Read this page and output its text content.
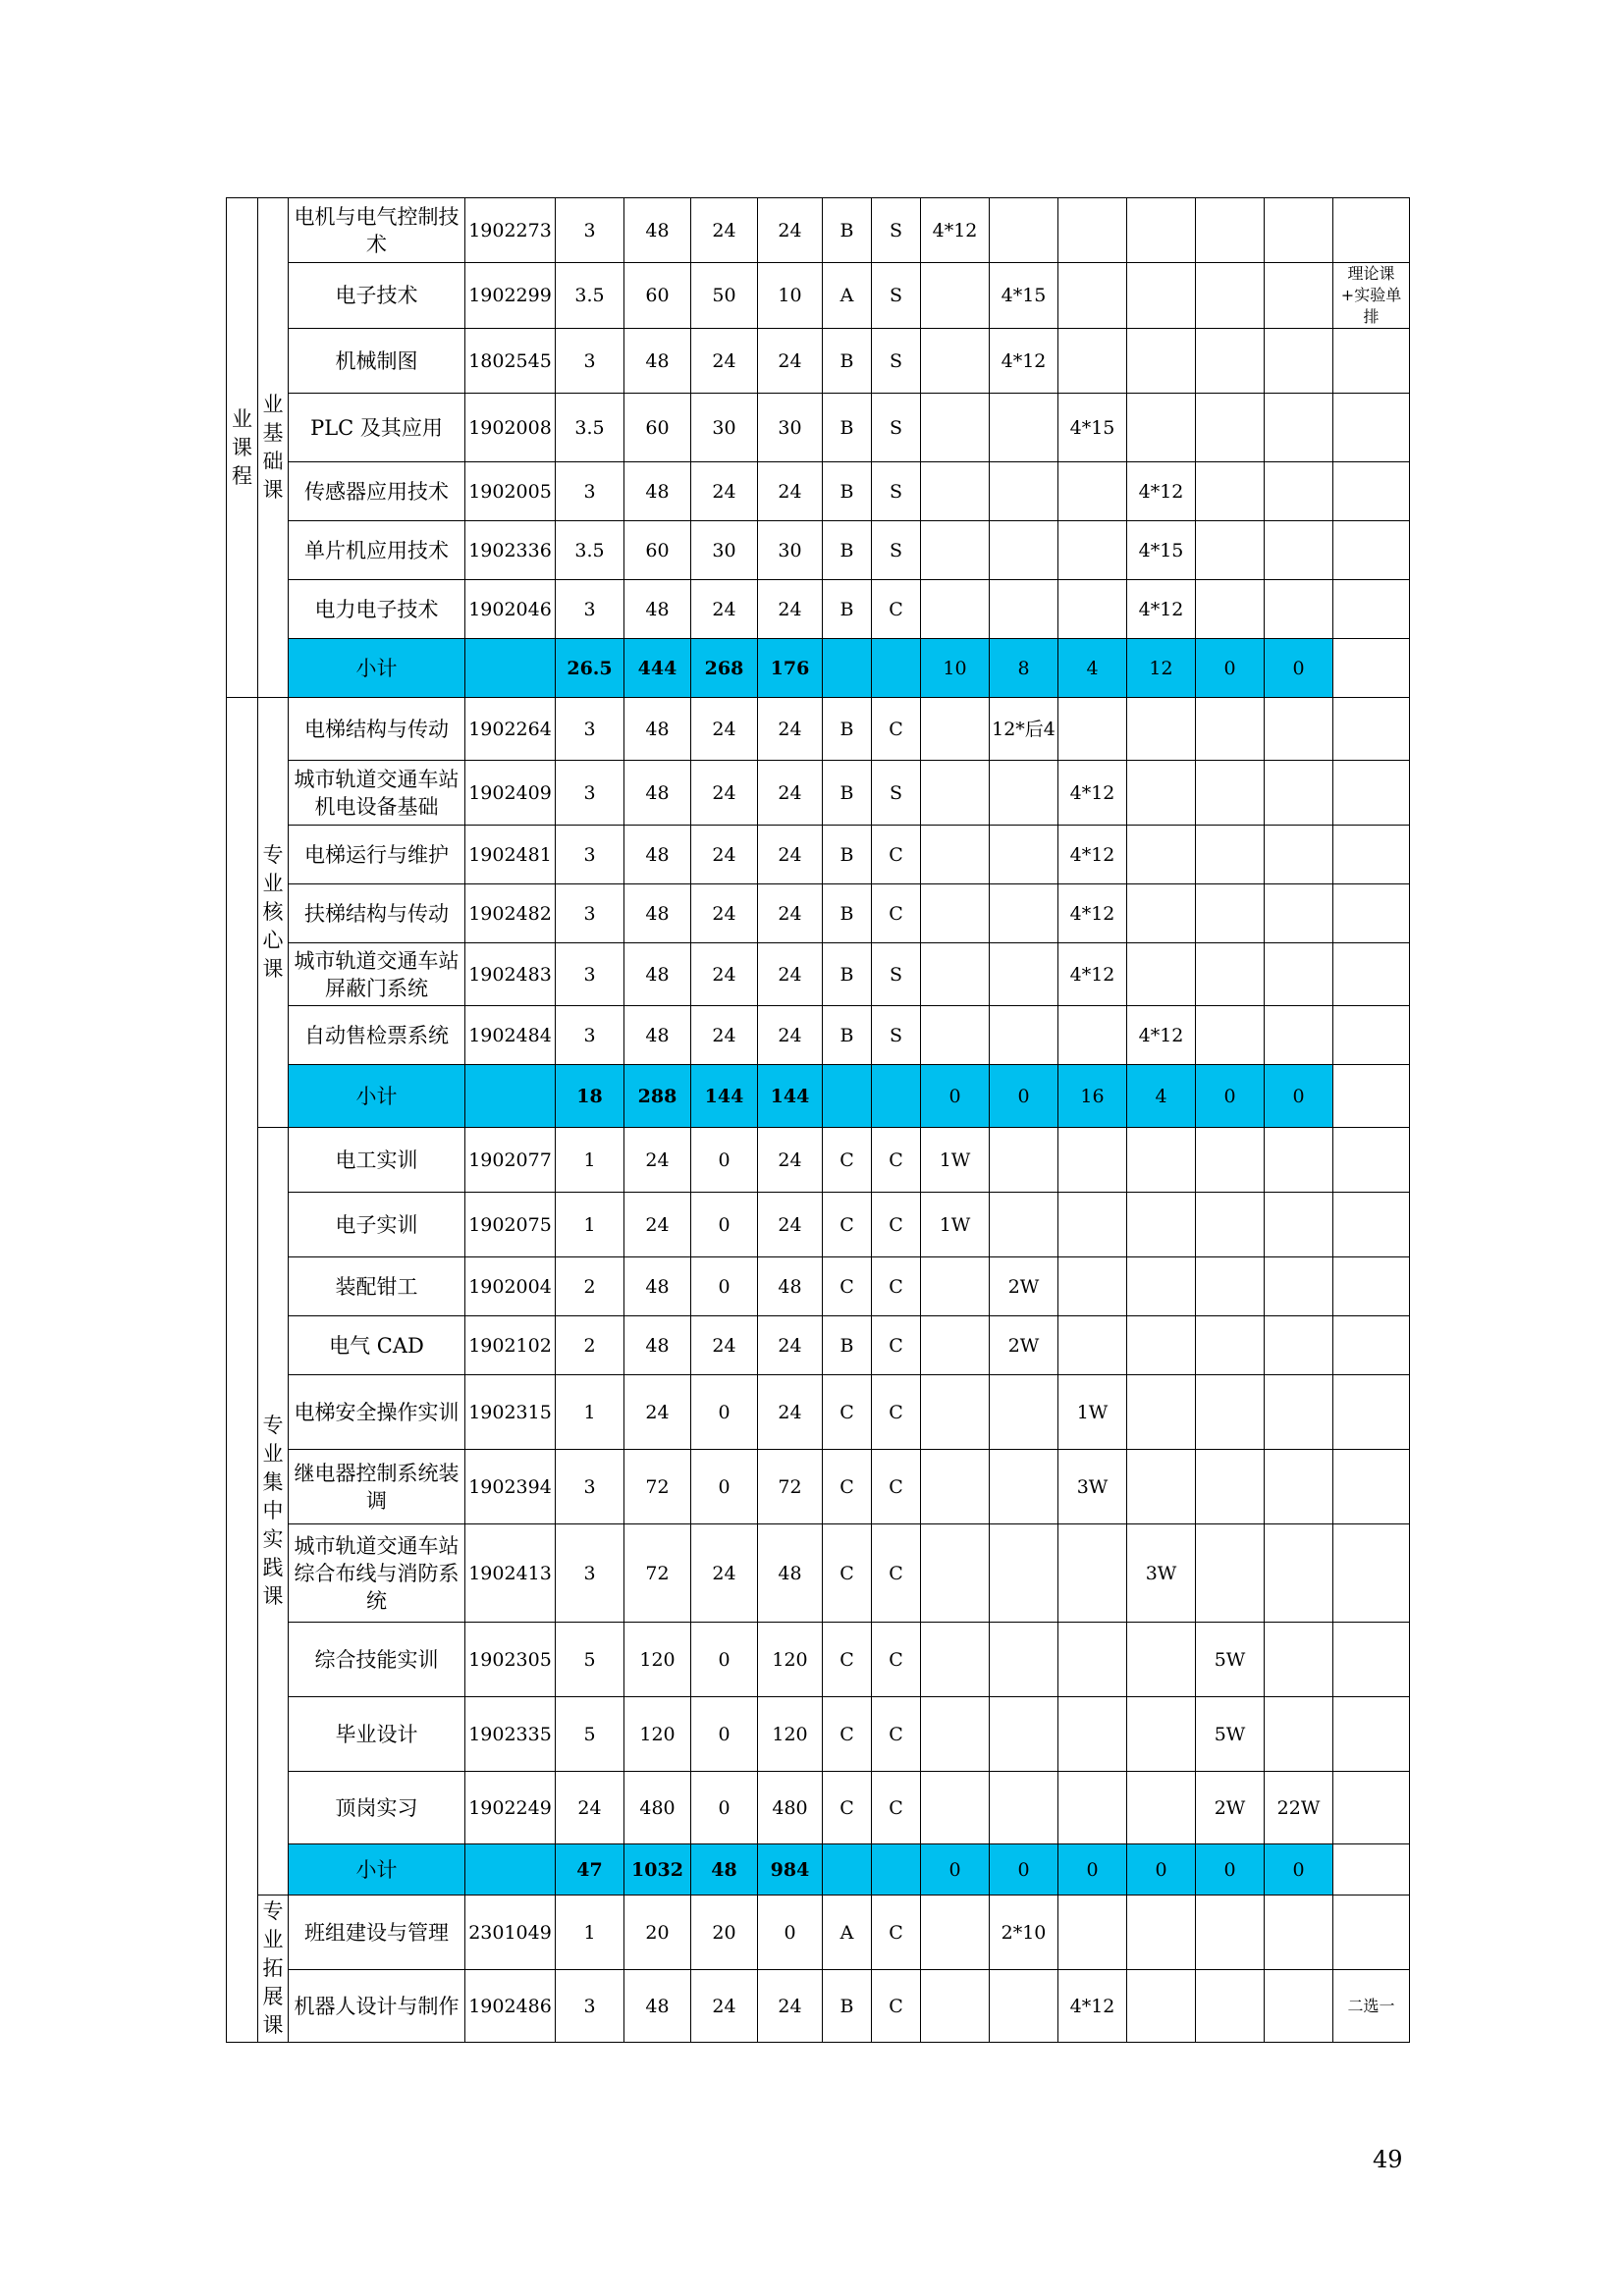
业课程	业基础课	电机与电气控制技术	1902273	3	48	24	24	B	S	4*12						
		电子技术	1902299	3.5	60	50	10	A	S		4*15					理论课+实验单排
		机械制图	1802545	3	48	24	24	B	S		4*12					
		PLC 及其应用	1902008	3.5	60	30	30	B	S			4*15				
		传感器应用技术	1902005	3	48	24	24	B	S				4*12			
		单片机应用技术	1902336	3.5	60	30	30	B	S				4*15			
		电力电子技术	1902046	3	48	24	24	B	C				4*12			
		小计		26.5	444	268	176			10	8	4	12	0	0	

	专业核心课	电梯结构与传动	1902264	3	48	24	24	B	C		12*后4					
		城市轨道交通车站机电设备基础	1902409	3	48	24	24	B	S			4*12				
		电梯运行与维护	1902481	3	48	24	24	B	C			4*12				
		扶梯结构与传动	1902482	3	48	24	24	B	C			4*12				
		城市轨道交通车站屏蔽门系统	1902483	3	48	24	24	B	S			4*12				
		自动售检票系统	1902484	3	48	24	24	B	S				4*12			
		小计		18	288	144	144			0	0	16	4	0	0	

	专业集中实践课	电工实训	1902077	1	24	0	24	C	C	1W						
		电子实训	1902075	1	24	0	24	C	C	1W						
		装配钳工	1902004	2	48	0	48	C	C		2W					
		电气 CAD	1902102	2	48	24	24	B	C		2W					
		电梯安全操作实训	1902315	1	24	0	24	C	C			1W				
		继电器控制系统装调	1902394	3	72	0	72	C	C			3W				
		城市轨道交通车站综合布线与消防系统	1902413	3	72	24	48	C	C				3W			
		综合技能实训	1902305	5	120	0	120	C	C					5W		
		毕业设计	1902335	5	120	0	120	C	C					5W		
		顶岗实习	1902249	24	480	0	480	C	C					2W	22W	
		小计		47	1032	48	984			0	0	0	0	0	0	

	专业拓展课	班组建设与管理	2301049	1	20	20	0	A	C		2*10					
		机器人设计与制作	1902486	3	48	24	24	B	C			4*12				二选一
49
